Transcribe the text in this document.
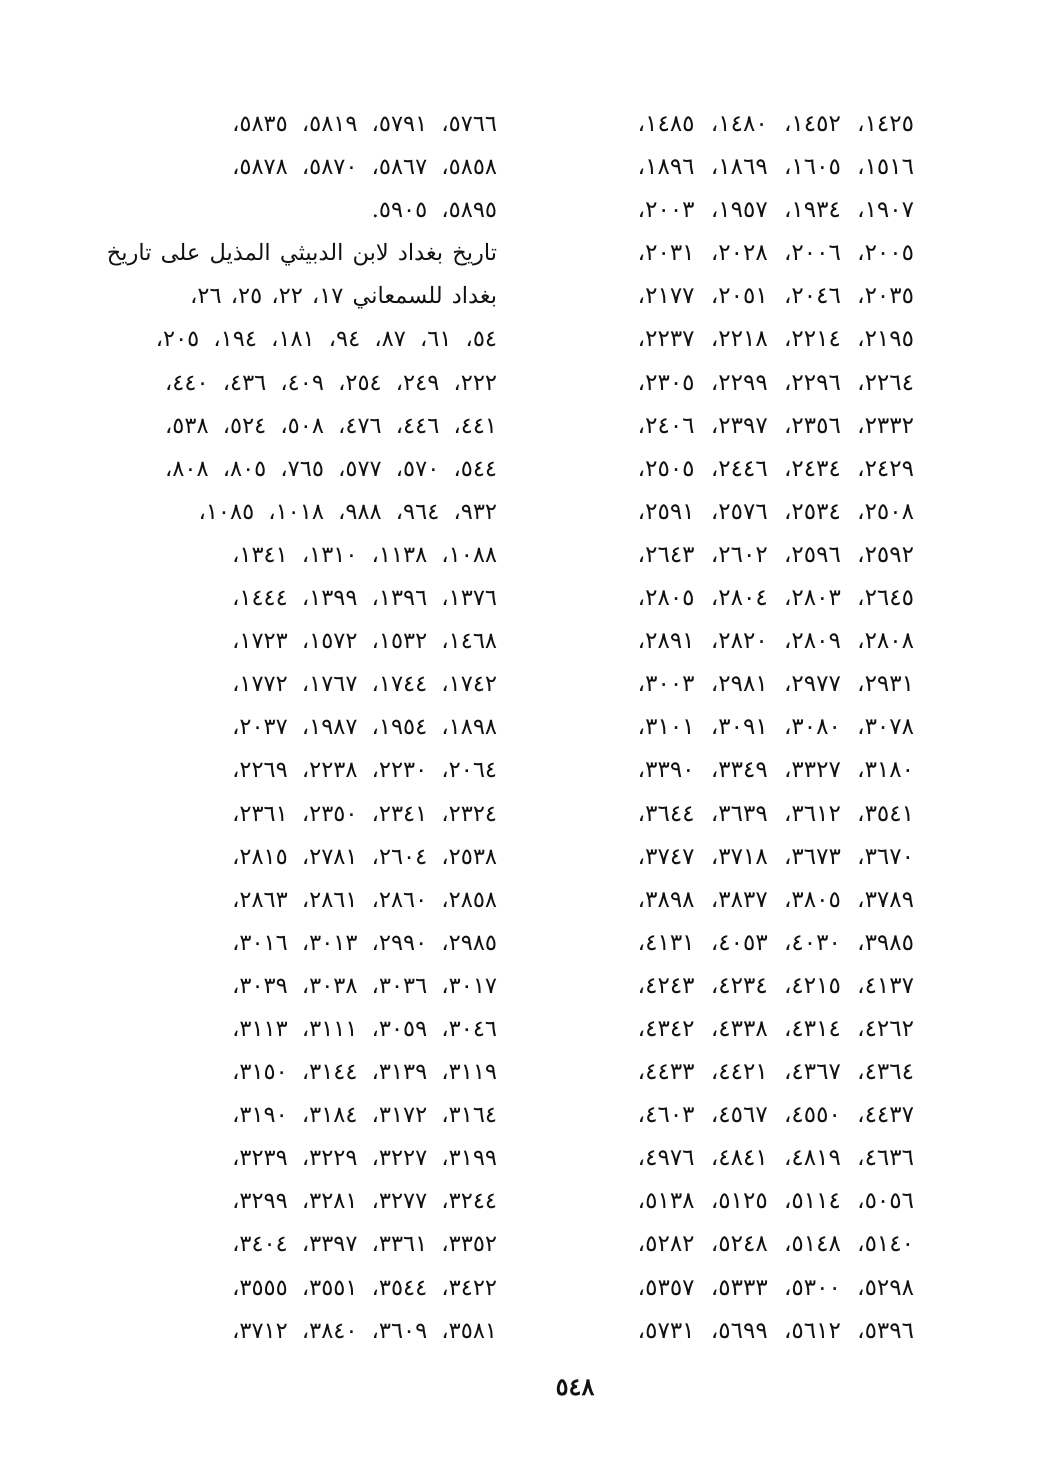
١٤٢٥، ١٤٥٢، ١٤٨٠، ١٤٨٥،
١٥١٦، ١٦٠٥، ١٨٦٩، ١٨٩٦،
١٩٠٧، ١٩٣٤، ١٩٥٧، ٢٠٠٣،
٢٠٠٥، ٢٠٠٦، ٢٠٢٨، ٢٠٣١،
٢٠٣٥، ٢٠٤٦، ٢٠٥١، ٢١٧٧،
٢١٩٥، ٢٢١٤، ٢٢١٨، ٢٢٣٧،
٢٢٦٤، ٢٢٩٦، ٢٢٩٩، ٢٣٠٥،
٢٣٣٢، ٢٣٥٦، ٢٣٩٧، ٢٤٠٦،
٢٤٢٩، ٢٤٣٤، ٢٤٤٦، ٢٥٠٥،
٢٥٠٨، ٢٥٣٤، ٢٥٧٦، ٢٥٩١،
٢٥٩٢، ٢٥٩٦، ٢٦٠٢، ٢٦٤٣،
٢٦٤٥، ٢٨٠٣، ٢٨٠٤، ٢٨٠٥،
٢٨٠٨، ٢٨٠٩، ٢٨٢٠، ٢٨٩١،
٢٩٣١، ٢٩٧٧، ٢٩٨١، ٣٠٠٣،
٣٠٧٨، ٣٠٨٠، ٣٠٩١، ٣١٠١،
٣١٨٠، ٣٣٢٧، ٣٣٤٩، ٣٣٩٠،
٣٥٤١، ٣٦١٢، ٣٦٣٩، ٣٦٤٤،
٣٦٧٠، ٣٦٧٣، ٣٧١٨، ٣٧٤٧،
٣٧٨٩، ٣٨٠٥، ٣٨٣٧، ٣٨٩٨،
٣٩٨٥، ٤٠٣٠، ٤٠٥٣، ٤١٣١،
٤١٣٧، ٤٢١٥، ٤٢٣٤، ٤٢٤٣،
٤٢٦٢، ٤٣١٤، ٤٣٣٨، ٤٣٤٢،
٤٣٦٤، ٤٣٦٧، ٤٤٢١، ٤٤٣٣،
٤٤٣٧، ٤٥٥٠، ٤٥٦٧، ٤٦٠٣،
٤٦٣٦، ٤٨١٩، ٤٨٤١، ٤٩٧٦،
٥٠٥٦، ٥١١٤، ٥١٢٥، ٥١٣٨،
٥١٤٠، ٥١٤٨، ٥٢٤٨، ٥٢٨٢،
٥٢٩٨، ٥٣٠٠، ٥٣٣٣، ٥٣٥٧،
٥٣٩٦، ٥٦١٢، ٥٦٩٩، ٥٧٣١،
٥٧٦٦، ٥٧٩١، ٥٨١٩، ٥٨٣٥،
٥٨٥٨، ٥٨٦٧، ٥٨٧٠، ٥٨٧٨،
٥٨٩٥، ٥٩٠٥.
تاريخ بغداد لابن الدبيثي المذيل على تاريخ
بغداد للسمعاني ١٧، ٢٢، ٢٥، ٢٦،
٥٤، ٦١، ٨٧، ٩٤، ١٨١، ١٩٤، ٢٠٥،
٢٢٢، ٢٤٩، ٢٥٤، ٤٠٩، ٤٣٦، ٤٤٠،
٤٤١، ٤٤٦، ٤٧٦، ٥٠٨، ٥٢٤، ٥٣٨،
٥٤٤، ٥٧٠، ٥٧٧، ٧٦٥، ٨٠٥، ٨٠٨،
٩٣٢، ٩٦٤، ٩٨٨، ١٠١٨، ١٠٨٥،
١٠٨٨، ١١٣٨، ١٣١٠، ١٣٤١،
١٣٧٦، ١٣٩٦، ١٣٩٩، ١٤٤٤،
١٤٦٨، ١٥٣٢، ١٥٧٢، ١٧٢٣،
١٧٤٢، ١٧٤٤، ١٧٦٧، ١٧٧٢،
١٨٩٨، ١٩٥٤، ١٩٨٧، ٢٠٣٧،
٢٠٦٤، ٢٢٣٠، ٢٢٣٨، ٢٢٦٩،
٢٣٢٤، ٢٣٤١، ٢٣٥٠، ٢٣٦١،
٢٥٣٨، ٢٦٠٤، ٢٧٨١، ٢٨١٥،
٢٨٥٨، ٢٨٦٠، ٢٨٦١، ٢٨٦٣،
٢٩٨٥، ٢٩٩٠، ٣٠١٣، ٣٠١٦،
٣٠١٧، ٣٠٣٦، ٣٠٣٨، ٣٠٣٩،
٣٠٤٦، ٣٠٥٩، ٣١١١، ٣١١٣،
٣١١٩، ٣١٣٩، ٣١٤٤، ٣١٥٠،
٣١٦٤، ٣١٧٢، ٣١٨٤، ٣١٩٠،
٣١٩٩، ٣٢٢٧، ٣٢٢٩، ٣٢٣٩،
٣٢٤٤، ٣٢٧٧، ٣٢٨١، ٣٢٩٩،
٣٣٥٢، ٣٣٦١، ٣٣٩٧، ٣٤٠٤،
٣٤٢٢، ٣٥٤٤، ٣٥٥١، ٣٥٥٥،
٣٥٨١، ٣٦٠٩، ٣٨٤٠، ٣٧١٢،
٥٤٨
